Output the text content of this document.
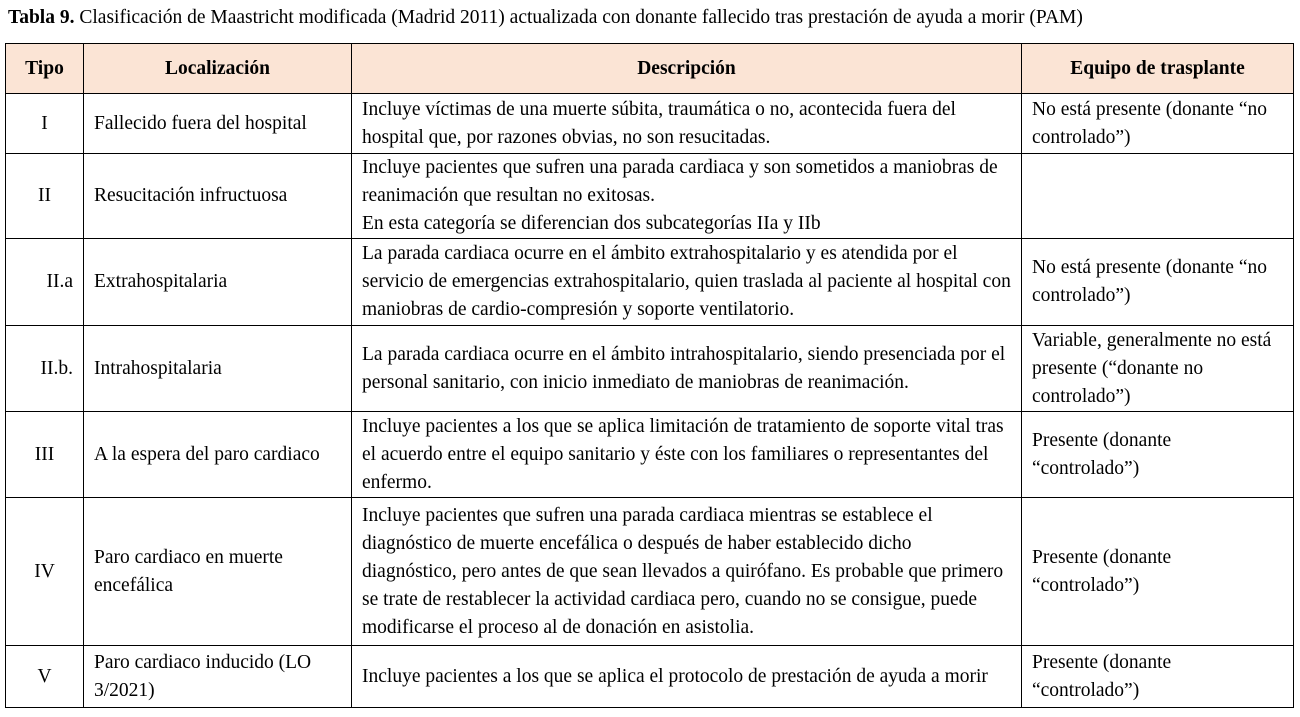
Tabla 9. Clasificación de Maastricht modificada (Madrid 2011) actualizada con donante fallecido tras prestación de ayuda a morir (PAM)
Tipo	Localización	Descripción	Equipo de trasplante
I	Fallecido fuera del hospital	Incluye víctimas de una muerte súbita, traumática o no, acontecida fuera del hospital que, por razones obvias, no son resucitadas.	No está presente (donante “no controlado”)
II	Resucitación infructuosa	Incluye pacientes que sufren una parada cardiaca y son sometidos a maniobras de reanimación que resultan no exitosas.
En esta categoría se diferencian dos subcategorías IIa y IIb	

II.a	Extrahospitalaria	La parada cardiaca ocurre en el ámbito extrahospitalario y es atendida por el servicio de emergencias extrahospitalario, quien traslada al paciente al hospital con maniobras de cardio-compresión y soporte ventilatorio.	No está presente (donante “no controlado”)
II.b.	Intrahospitalaria	La parada cardiaca ocurre en el ámbito intrahospitalario, siendo presenciada por el personal sanitario, con inicio inmediato de maniobras de reanimación.	Variable, generalmente no está presente (“donante no controlado”)
III	A la espera del paro cardiaco	Incluye pacientes a los que se aplica limitación de tratamiento de soporte vital tras el acuerdo entre el equipo sanitario y éste con los familiares o representantes del enfermo.	Presente (donante “controlado”)
IV	Paro cardiaco en muerte encefálica	Incluye pacientes que sufren una parada cardiaca mientras se establece el diagnóstico de muerte encefálica o después de haber establecido dicho diagnóstico, pero antes de que sean llevados a quirófano. Es probable que primero se trate de restablecer la actividad cardiaca pero, cuando no se consigue, puede modificarse el proceso al de donación en asistolia.	Presente (donante “controlado”)
V	Paro cardiaco inducido (LO 3/2021)	Incluye pacientes a los que se aplica el protocolo de prestación de ayuda a morir	Presente (donante “controlado”)
